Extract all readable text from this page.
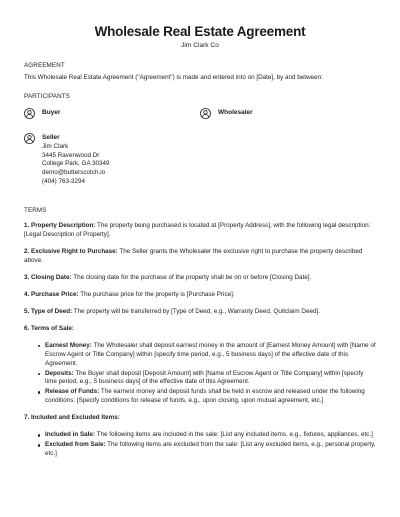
Wholesale Real Estate Agreement
Jim Clark Co
AGREEMENT
This Wholesale Real Estate Agreement ("Agreement") is made and entered into on [Date], by and between:
PARTICIPANTS
Buyer	Wholesaler
Seller
Jim Clark
3445 Ravenwood Dr
College Park, GA 30349
demo@butterscotch.io
(404) 763-3294
TERMS
1. Property Description: The property being purchased is located at [Property Address], with the following legal description: [Legal Description of Property].
2. Exclusive Right to Purchase: The Seller grants the Wholesaler the exclusive right to purchase the property described above.
3. Closing Date: The closing date for the purchase of the property shall be on or before [Closing Date].
4. Purchase Price: The purchase price for the property is [Purchase Price].
5. Type of Deed: The property will be transferred by [Type of Deed, e.g., Warranty Deed, Quitclaim Deed].
6. Terms of Sale:
Earnest Money: The Wholesaler shall deposit earnest money in the amount of [Earnest Money Amount] with [Name of Escrow Agent or Title Company] within [specify time period, e.g., 5 business days] of the effective date of this Agreement.
Deposits: The Buyer shall deposit [Deposit Amount] with [Name of Escrow Agent or Title Company] within [specify time period, e.g., 5 business days] of the effective date of this Agreement.
Release of Funds: The earnest money and deposit funds shall be held in escrow and released under the following conditions: [Specify conditions for release of funds, e.g., upon closing, upon mutual agreement, etc.]
7. Included and Excluded Items:
Included in Sale: The following items are included in the sale: [List any included items, e.g., fixtures, appliances, etc.]
Excluded from Sale: The following items are excluded from the sale: [List any excluded items, e.g., personal property, etc.]
